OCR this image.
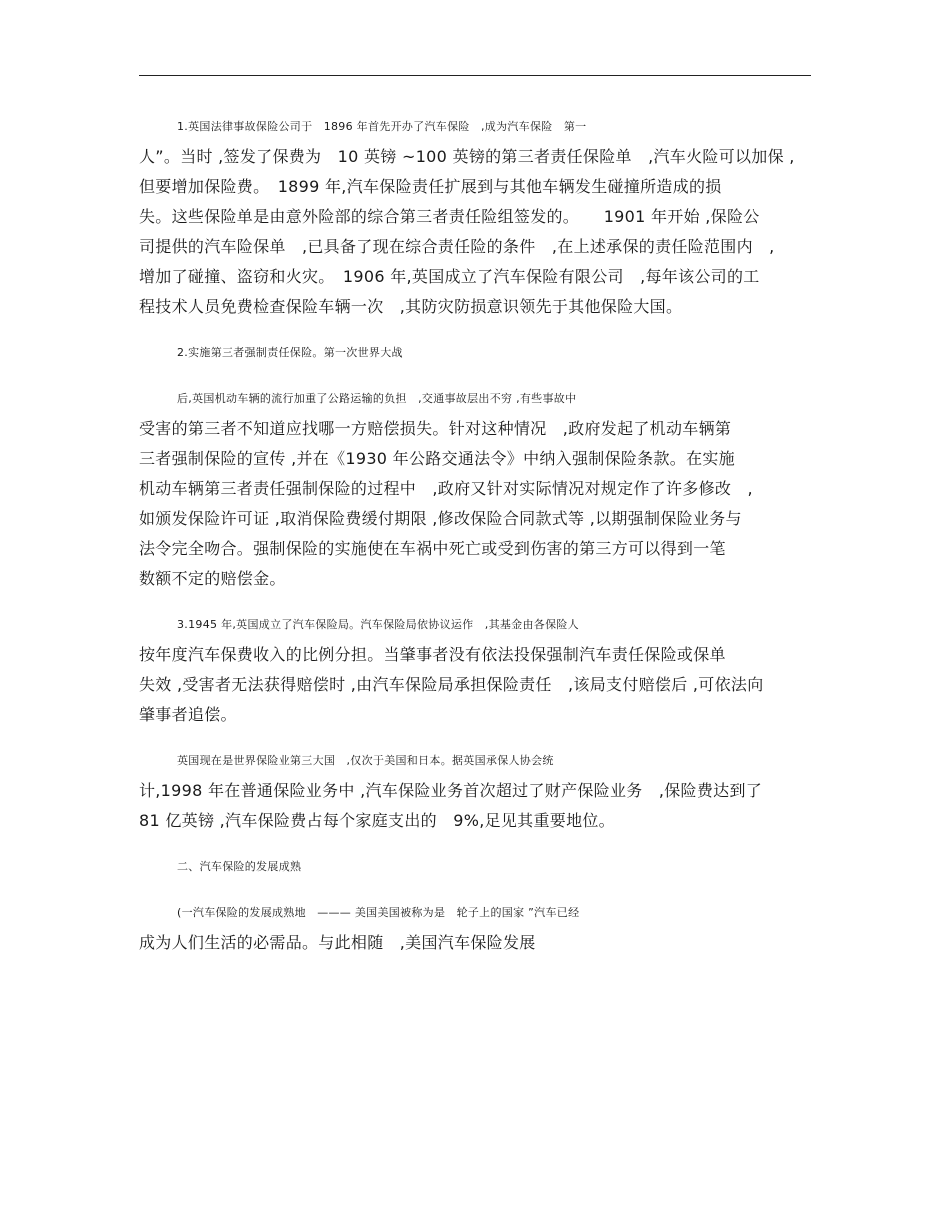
1.英国法律事故保险公司于　1896 年首先开办了汽车保险　,成为汽车保险　第一
人”。当时 ,签发了保费为　10 英镑 ~100 英镑的第三者责任保险单　,汽车火险可以加保 ,
但要增加保险费。　1899 年,汽车保险责任扩展到与其他车辆发生碰撞所造成的损
失。这些保险单是由意外险部的综合第三者责任险组签发的。　　1901 年开始 ,保险公
司提供的汽车险保单　,已具备了现在综合责任险的条件　,在上述承保的责任险范围内　,
增加了碰撞、盗窃和火灾。　1906 年,英国成立了汽车保险有限公司　,每年该公司的工
程技术人员免费检查保险车辆一次　,其防灾防损意识领先于其他保险大国。
2.实施第三者强制责任保险。第一次世界大战
后,英国机动车辆的流行加重了公路运输的负担　,交通事故层出不穷 ,有些事故中
受害的第三者不知道应找哪一方赔偿损失。针对这种情况　,政府发起了机动车辆第
三者强制保险的宣传 ,并在《1930 年公路交通法令》中纳入强制保险条款。在实施
机动车辆第三者责任强制保险的过程中　,政府又针对实际情况对规定作了许多修改　,
如颁发保险许可证 ,取消保险费缓付期限 ,修改保险合同款式等 ,以期强制保险业务与
法令完全吻合。强制保险的实施使在车祸中死亡或受到伤害的第三方可以得到一笔
数额不定的赔偿金。
3.1945 年,英国成立了汽车保险局。汽车保险局依协议运作　,其基金由各保险人
按年度汽车保费收入的比例分担。当肇事者没有依法投保强制汽车责任保险或保单
失效 ,受害者无法获得赔偿时 ,由汽车保险局承担保险责任　,该局支付赔偿后 ,可依法向
肇事者追偿。
英国现在是世界保险业第三大国　,仅次于美国和日本。据英国承保人协会统
计,1998 年在普通保险业务中 ,汽车保险业务首次超过了财产保险业务　,保险费达到了
81 亿英镑 ,汽车保险费占每个家庭支出的　9%,足见其重要地位。
二、汽车保险的发展成熟
(一汽车保险的发展成熟地　——— 美国美国被称为是　轮子上的国家 ”汽车已经
成为人们生活的必需品。与此相随　,美国汽车保险发展
